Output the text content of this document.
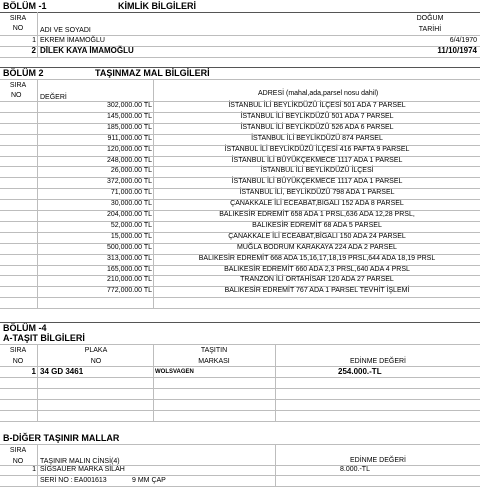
BÖLÜM -1	KİMLİK BİLGİLERİ
SIRA
NO	ADI VE SOYADI
DOĞUM
TARİHİ
1 EKREM İMAMOĞLU	6/4/1970
2 DİLEK KAYA İMAMOĞLU	11/10/1974
BÖLÜM 2	TAŞINMAZ MAL BİLGİLERİ
SIRA
NO	DEĞERİ
ADRESİ (mahal,ada,parsel nosu dahil)
302,000.00 TL	İSTANBUL İLİ BEYLİKDÜZÜ İLÇESİ 501 ADA 7 PARSEL
145,000.00 TL	İSTANBUL İLİ BEYLİKDÜZÜ 501 ADA 7 PARSEL
185,000.00 TL	İSTANBUL İLİ BEYLİKDÜZÜ 526 ADA 6 PARSEL
911,000.00 TL	İSTANBUL İLİ BEYLİKDÜZÜ 874 PARSEL
120,000.00 TL	İSTANBUL İLİ BEYLİKDÜZÜ İLÇESİ 416 PAFTA 9 PARSEL
248,000.00 TL	İSTANBUL İLİ BÜYÜKÇEKMECE 1117 ADA 1 PARSEL
26,000.00 TL	İSTANBUL İLİ BEYLİKDÜZÜ İLÇESİ
372,000.00 TL	İSTANBUL İLİ BÜYÜKÇEKMECE 1117 ADA 1 PARSEL
71,000.00 TL	İSTANBUL İLİ, BEYLİKDÜZÜ 798 ADA 1 PARSEL
30,000.00 TL	ÇANAKKALE İLİ ECEABAT,BIGALI 152 ADA 8 PARSEL
204,000.00 TL	BALIKESİR EDREMİT 658 ADA 1 PRSL,636 ADA 12,28 PRSL,
52,000.00 TL	BALIKESİR EDREMİT 68 ADA 5 PARSEL
15,000.00 TL	ÇANAKKALE İLİ ECEABAT,BİGALI 150 ADA 24 PARSEL
500,000.00 TL	MUĞLA BODRUM KARAKAYA 224 ADA 2 PARSEL
313,000.00 TL	BALIKESİR EDREMİT 668 ADA 15,16,17,18,19 PRSL,644 ADA 18,19 PRSL
165,000.00 TL	BALIKESİR EDREMİT 660 ADA 2,3 PRSL,640 ADA 4 PRSL
210,000.00 TL	TRANZON İLİ ORTAHİSAR 120 ADA 27 PARSEL
772,000.00 TL	BALIKESİR EDREMİT 767 ADA 1 PARSEL TEVHİT İŞLEMİ
BÖLÜM -4
A-TAŞIT BİLGİLERİ
SIRA
NO
PLAKA
NO
TAŞITIN
MARKASI	EDİNME DEĞERİ
1 34 GD 3461	WOLSVAGEN	254.000.-TL
B-DİĞER TAŞINIR MALLAR
SIRA
NO	TAŞINIR MALIN CİNSİ(4)	EDİNME DEĞERİ
1 SİGSAUER MARKA SİLAH	8.000.-TL
SERİ NO : EA001613	9 MM ÇAP
